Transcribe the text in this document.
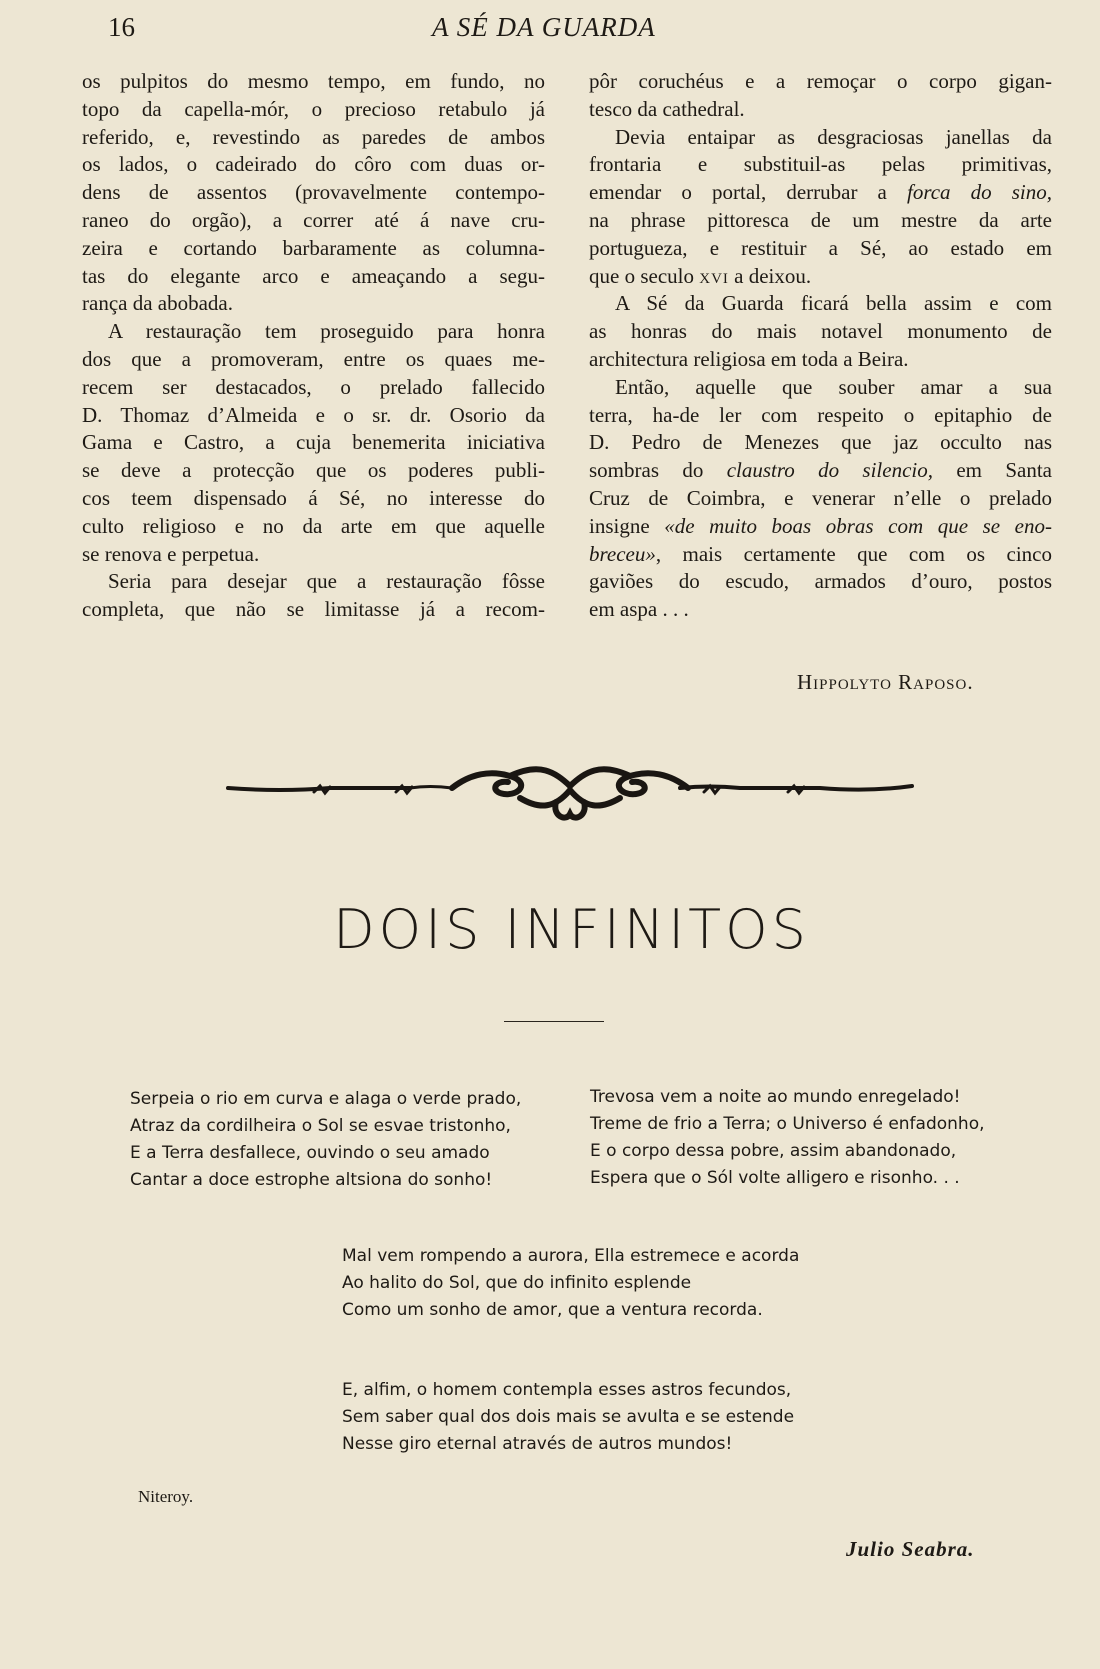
16	A SÉ DA GUARDA
os pulpitos do mesmo tempo, em fundo, no
topo da capella-mór, o precioso retabulo já
referido, e, revestindo as paredes de ambos
os lados, o cadeirado do côro com duas or-
dens de assentos (provavelmente contempo-
raneo do orgão), a correr até á nave cru-
zeira e cortando barbaramente as columna-
tas do elegante arco e ameaçando a segu-
rança da abobada.
A restauração tem proseguido para honra
dos que a promoveram, entre os quaes me-
recem ser destacados, o prelado fallecido
D. Thomaz d’Almeida e o sr. dr. Osorio da
Gama e Castro, a cuja benemerita iniciativa
se deve a protecção que os poderes publi-
cos teem dispensado á Sé, no interesse do
culto religioso e no da arte em que aquelle
se renova e perpetua.
Seria para desejar que a restauração fôsse
completa, que não se limitasse já a recom-
pôr coruchéus e a remoçar o corpo gigan-
tesco da cathedral.
Devia entaipar as desgraciosas janellas da
frontaria e substituil-as pelas primitivas,
emendar o portal, derrubar a forca do sino,
na phrase pittoresca de um mestre da arte
portugueza, e restituir a Sé, ao estado em
que o seculo xvi a deixou.
A Sé da Guarda ficará bella assim e com
as honras do mais notavel monumento de
architectura religiosa em toda a Beira.
Então, aquelle que souber amar a sua
terra, ha-de ler com respeito o epitaphio de
D. Pedro de Menezes que jaz occulto nas
sombras do claustro do silencio, em Santa
Cruz de Coimbra, e venerar n’elle o prelado
insigne «de muito boas obras com que se eno-
breceu», mais certamente que com os cinco
gaviões do escudo, armados d’ouro, postos
em aspa . . .
Hippolyto Raposo.
DOIS INFINITOS
Serpeia o rio em curva e alaga o verde prado,
Atraz da cordilheira o Sol se esvae tristonho,
E a Terra desfallece, ouvindo o seu amado
Cantar a doce estrophe altsiona do sonho!
Trevosa vem a noite ao mundo enregelado!
Treme de frio a Terra; o Universo é enfadonho,
E o corpo dessa pobre, assim abandonado,
Espera que o Sól volte alligero e risonho. . .
Mal vem rompendo a aurora, Ella estremece e acorda
Ao halito do Sol, que do infinito esplende
Como um sonho de amor, que a ventura recorda.
E, alfim, o homem contempla esses astros fecundos,
Sem saber qual dos dois mais se avulta e se estende
Nesse giro eternal através de autros mundos!
Niteroy.
Julio Seabra.
